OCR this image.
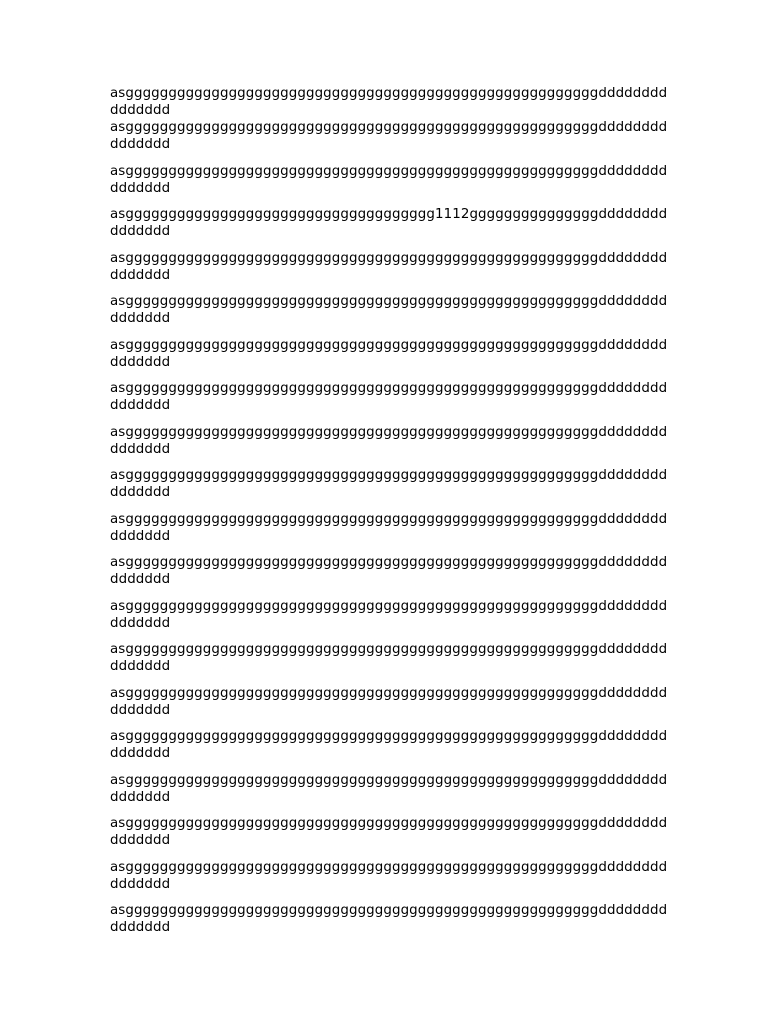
asgggggggggggggggggggggggggggggggggggggggggggggggggggggggddddddddddddddd

asgggggggggggggggggggggggggggggggggggggggggggggggggggggggddddddddddddddd

asgggggggggggggggggggggggggggggggggggggggggggggggggggggggddddddddddddddd

asgggggggggggggggggggggggggggggggggggg1112gggggggggggggggddddddddddddddd

asgggggggggggggggggggggggggggggggggggggggggggggggggggggggddddddddddddddd

asgggggggggggggggggggggggggggggggggggggggggggggggggggggggddddddddddddddd

asgggggggggggggggggggggggggggggggggggggggggggggggggggggggddddddddddddddd

asgggggggggggggggggggggggggggggggggggggggggggggggggggggggddddddddddddddd

asgggggggggggggggggggggggggggggggggggggggggggggggggggggggddddddddddddddd

asgggggggggggggggggggggggggggggggggggggggggggggggggggggggddddddddddddddd

asgggggggggggggggggggggggggggggggggggggggggggggggggggggggddddddddddddddd

asgggggggggggggggggggggggggggggggggggggggggggggggggggggggddddddddddddddd

asgggggggggggggggggggggggggggggggggggggggggggggggggggggggddddddddddddddd

asgggggggggggggggggggggggggggggggggggggggggggggggggggggggddddddddddddddd

asgggggggggggggggggggggggggggggggggggggggggggggggggggggggddddddddddddddd

asgggggggggggggggggggggggggggggggggggggggggggggggggggggggddddddddddddddd

asgggggggggggggggggggggggggggggggggggggggggggggggggggggggddddddddddddddd

asgggggggggggggggggggggggggggggggggggggggggggggggggggggggddddddddddddddd

asgggggggggggggggggggggggggggggggggggggggggggggggggggggggddddddddddddddd

asgggggggggggggggggggggggggggggggggggggggggggggggggggggggddddddddddddddd
